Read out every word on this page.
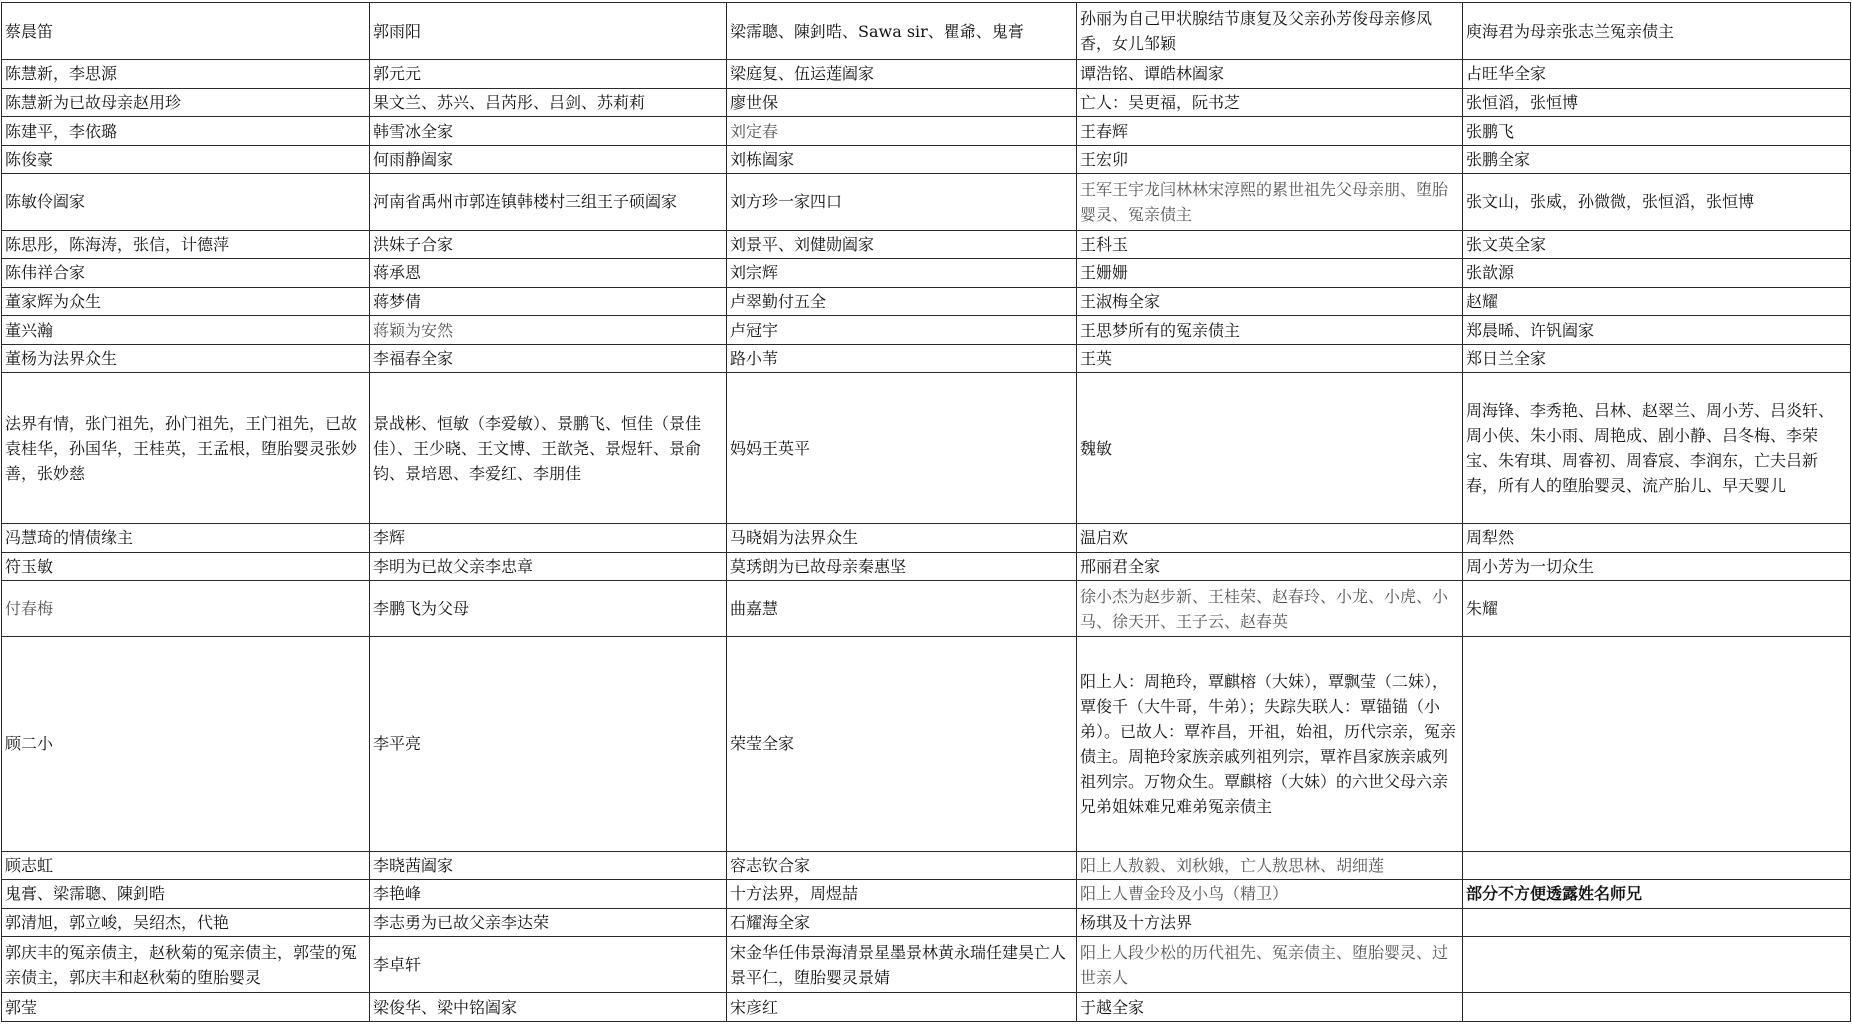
蔡晨笛	郭雨阳	梁霈聰、陳釗晧、Sawa sir、瞿爺、鬼膏	孙丽为自己甲状腺结节康复及父亲孙芳俊母亲修凤香，女儿邹颖	庾海君为母亲张志兰冤亲债主
陈慧新，李思源	郭元元	梁庭复、伍运莲阖家	谭浩铭、谭皓林阖家	占旺华全家
陈慧新为已故母亲赵用珍	果文兰、苏兴、吕芮彤、吕剑、苏莉莉	廖世保	亡人：吴更福，阮书芝	张恒滔，张恒博
陈建平，李依璐	韩雪冰全家	刘定春	王春辉	张鹏飞
陈俊豪	何雨静阖家	刘栋阖家	王宏卯	张鹏全家
陈敏伶阖家	河南省禹州市郭连镇韩楼村三组王子硕阖家	刘方珍一家四口	王军王宇龙闫林林宋淳熙的累世祖先父母亲朋、堕胎婴灵、冤亲债主	张文山，张威，孙微微，张恒滔，张恒博
陈思彤，陈海涛，张信，计德萍	洪妹子合家	刘景平、刘健勋阖家	王科玉	张文英全家
陈伟祥合家	蒋承恩	刘宗辉	王姗姗	张歆源
董家辉为众生	蒋梦倩	卢翠勤付五全	王淑梅全家	赵耀
董兴瀚	蒋颖为安然	卢冠宇	王思梦所有的冤亲债主	郑晨晞、许钒阖家
董杨为法界众生	李福春全家	路小苇	王英	郑日兰全家
法界有情，张门祖先，孙门祖先，王门祖先，已故袁桂华，孙国华，王桂英，王孟根，堕胎婴灵张妙善，张妙慈	景战彬、恒敏（李爱敏）、景鹏飞、恒佳（景佳佳）、王少晓、王文博、王歆尧、景煜轩、景俞钧、景培恩、李爱红、李朋佳	妈妈王英平	魏敏	周海锋、李秀艳、吕林、赵翠兰、周小芳、吕炎轩、周小侠、朱小雨、周艳成、剧小静、吕冬梅、李荣宝、朱宥琪、周睿初、周睿宸、李润东，亡夫吕新春，所有人的堕胎婴灵、流产胎儿、早天婴儿
冯慧琦的情债缘主	李辉	马晓娟为法界众生	温启欢	周犁然
符玉敏	李明为已故父亲李忠章	莫琇朗为已故母亲秦惠坚	邢丽君全家	周小芳为一切众生
付春梅	李鹏飞为父母	曲嘉慧	徐小杰为赵步新、王桂荣、赵春玲、小龙、小虎、小马、徐天开、王子云、赵春英	朱耀
顾二小	李平亮	荣莹全家	阳上人：周艳玲，覃麒榕（大妹），覃飘莹（二妹），覃俊千（大牛哥，牛弟）；失踪失联人：覃锚锚（小弟）。已故人：覃祚昌，开祖，始祖，历代宗亲，冤亲债主。周艳玲家族亲戚列祖列宗，覃祚昌家族亲戚列祖列宗。万物众生。覃麒榕（大妹）的六世父母六亲兄弟姐妹难兄难弟冤亲债主	
顾志虹	李晓茜阖家	容志钦合家	阳上人敖毅、刘秋娥，亡人敖思林、胡细莲	
鬼膏、梁霈聰、陳釗晧	李艳峰	十方法界，周煜喆	阳上人曹金玲及小鸟（精卫）	部分不方便透露姓名师兄
郭清旭，郭立峻，吴绍杰，代艳	李志勇为已故父亲李达荣	石耀海全家	杨琪及十方法界	
郭庆丰的冤亲债主，赵秋菊的冤亲债主，郭莹的冤亲债主，郭庆丰和赵秋菊的堕胎婴灵	李卓轩	宋金华任伟景海清景星墨景林黄永瑞任建昊亡人景平仁，堕胎婴灵景婧	阳上人段少松的历代祖先、冤亲债主、堕胎婴灵、过世亲人	
郭莹	梁俊华、梁中铭阖家	宋彦红	于越全家	
